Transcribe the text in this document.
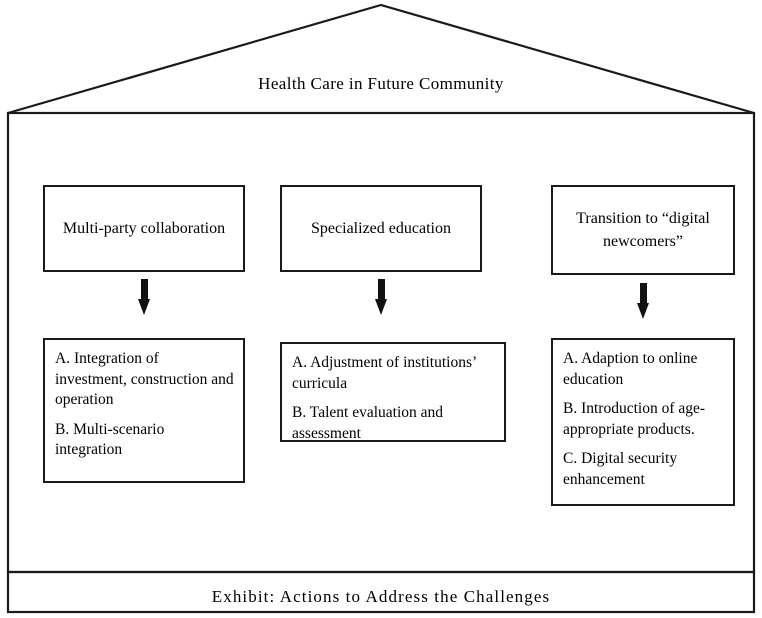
Health Care in Future Community
Multi-party collaboration

A. Integration of investment, construction and operation

B. Multi-scenario integration

Specialized education

A. Adjustment of institutions’ curricula

B. Talent evaluation and assessment

Transition to “digital newcomers”

A. Adaption to online education

B. Introduction of age-appropriate products.

C. Digital security enhancement

Exhibit: Actions to Address the Challenges
